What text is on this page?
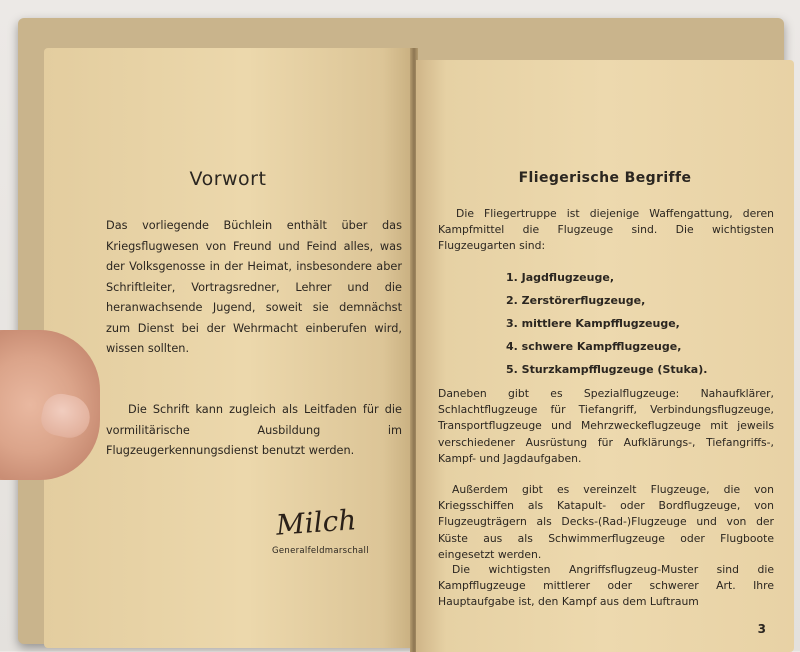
Vorwort
Das vorliegende Büchlein enthält über das Kriegsflugwesen von Freund und Feind alles, was der Volksgenosse in der Heimat, insbesondere aber Schriftleiter, Vortragsredner, Lehrer und die heranwachsende Jugend, soweit sie demnächst zum Dienst bei der Wehrmacht einberufen wird, wissen sollten.
Die Schrift kann zugleich als Leitfaden für die vormilitärische Ausbildung im Flugzeugerkennungsdienst benutzt werden.
Milch
Generalfeldmarschall
Fliegerische Begriffe
Die Fliegertruppe ist diejenige Waffengattung, deren Kampfmittel die Flugzeuge sind. Die wichtigsten Flugzeugarten sind:
1. Jagdflugzeuge,
2. Zerstörerflugzeuge,
3. mittlere Kampfflugzeuge,
4. schwere Kampfflugzeuge,
5. Sturzkampfflugzeuge (Stuka).
Daneben gibt es Spezialflugzeuge: Nahaufklärer, Schlachtflugzeuge für Tiefangriff, Verbindungsflugzeuge, Transportflugzeuge und Mehrzweckeflugzeuge mit jeweils verschiedener Ausrüstung für Aufklärungs-, Tiefangriffs-, Kampf- und Jagdaufgaben.
Außerdem gibt es vereinzelt Flugzeuge, die von Kriegsschiffen als Katapult- oder Bordflugzeuge, von Flugzeugträgern als Decks-(Rad-)Flugzeuge und von der Küste aus als Schwimmerflugzeuge oder Flugboote eingesetzt werden.
Die wichtigsten Angriffsflugzeug-Muster sind die Kampfflugzeuge mittlerer oder schwerer Art. Ihre Hauptaufgabe ist, den Kampf aus dem Luftraum
3
